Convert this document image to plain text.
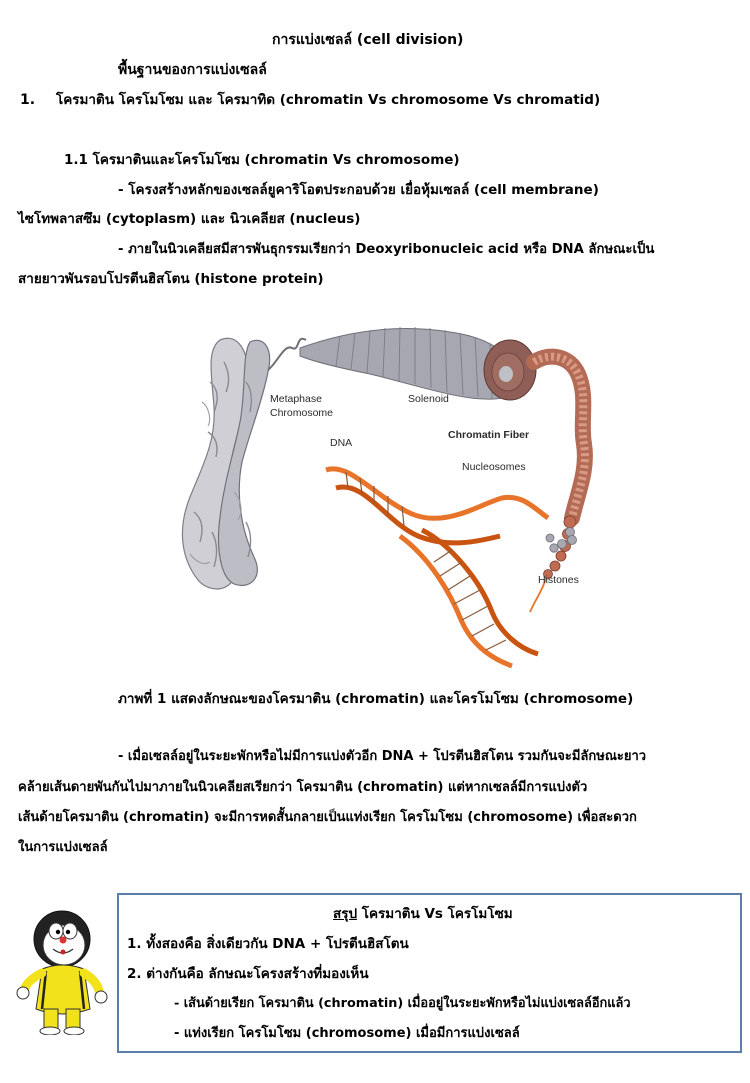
การแบ่งเซลล์ (cell division)
พื้นฐานของการแบ่งเซลล์
1. โครมาติน โครโมโซม และ โครมาทิด (chromatin Vs chromosome Vs chromatid)
1.1 โครมาตินและโครโมโซม (chromatin Vs chromosome)
- โครงสร้างหลักของเซลล์ยูคาริโอตประกอบด้วย เยื่อหุ้มเซลล์ (cell membrane)
ไซโทพลาสซึม (cytoplasm) และ นิวเคลียส (nucleus)
- ภายในนิวเคลียสมีสารพันธุกรรมเรียกว่า Deoxyribonucleic acid หรือ DNA ลักษณะเป็น
สายยาวพันรอบโปรตีนฮิสโตน (histone protein)
Metaphase
Chromosome
Solenoid
DNA
Chromatin Fiber
Nucleosomes
Histones
ภาพที่ 1 แสดงลักษณะของโครมาติน (chromatin) และโครโมโซม (chromosome)
- เมื่อเซลล์อยู่ในระยะพักหรือไม่มีการแบ่งตัวอีก DNA + โปรตีนฮิสโตน รวมกันจะมีลักษณะยาว
คล้ายเส้นดายพันกันไปมาภายในนิวเคลียสเรียกว่า โครมาติน (chromatin) แต่หากเซลล์มีการแบ่งตัว
เส้นด้ายโครมาติน (chromatin) จะมีการหดสั้นกลายเป็นแท่งเรียก โครโมโซม (chromosome) เพื่อสะดวก
ในการแบ่งเซลล์
สรุป โครมาติน Vs โครโมโซม
1. ทั้งสองคือ สิ่งเดียวกัน DNA + โปรตีนฮิสโตน
2. ต่างกันคือ ลักษณะโครงสร้างที่มองเห็น
- เส้นด้ายเรียก โครมาติน (chromatin) เมื่ออยู่ในระยะพักหรือไม่แบ่งเซลล์อีกแล้ว
- แท่งเรียก โครโมโซม (chromosome) เมื่อมีการแบ่งเซลล์
